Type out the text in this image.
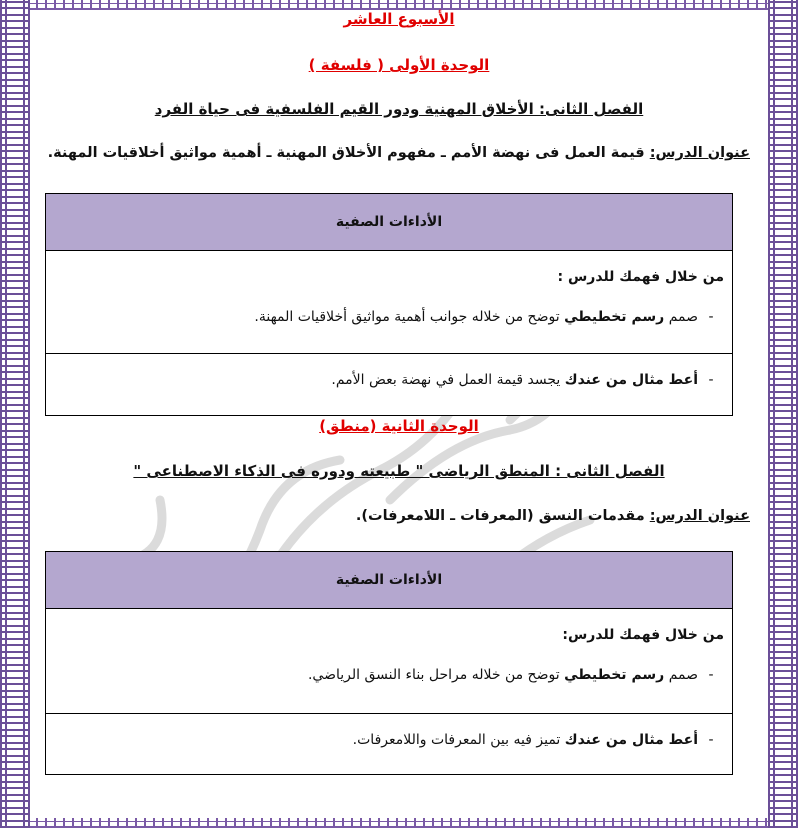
الأسبوع العاشر
الوحدة الأولى ( فلسفة )
الفصل الثانى: الأخلاق المهنية ودور القيم الفلسفية فى حياة الفرد
عنوان الدرس: قيمة العمل فى نهضة الأمم ـ مفهوم الأخلاق المهنية ـ أهمية مواثيق أخلاقيات المهنة.
الأداءات الصفية
من خلال فهمك للدرس :
-صمم رسم تخطيطي توضح من خلاله جوانب أهمية مواثيق أخلاقيات المهنة.
-أعط مثال من عندك يجسد قيمة العمل في نهضة بعض الأمم.
الوحدة الثانية (منطق)
الفصل الثانى : المنطق الرياضى " طبيعته ودوره فى الذكاء الاصطناعى "
عنوان الدرس: مقدمات النسق (المعرفات ـ اللامعرفات).
الأداءات الصفية
من خلال فهمك للدرس:
-صمم رسم تخطيطي توضح من خلاله مراحل بناء النسق الرياضي.
-أعط مثال من عندك تميز فيه بين المعرفات واللامعرفات.
